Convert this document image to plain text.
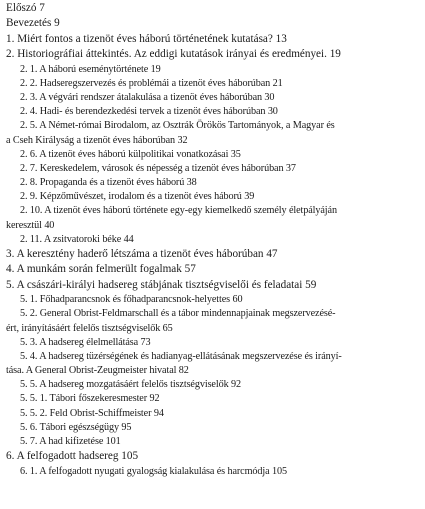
Előszó 7
Bevezetés 9
1. Miért fontos a tizenöt éves háború történetének kutatása? 13
2. Historiográfiai áttekintés. Az eddigi kutatások irányai és eredményei. 19
2. 1. A háború eseménytörténete 19
2. 2. Hadseregszervezés és problémái a tizenöt éves háborúban 21
2. 3. A végvári rendszer átalakulása a tizenöt éves háborúban 30
2. 4. Hadi- és berendezkedési tervek a tizenöt éves háborúban 30
2. 5. A Német-római Birodalom, az Osztrák Örökös Tartományok, a Magyar és
a Cseh Királyság a tizenöt éves háborúban 32
2. 6. A tizenöt éves háború külpolitikai vonatkozásai 35
2. 7. Kereskedelem, városok és népesség a tizenöt éves háborúban 37
2. 8. Propaganda és a tizenöt éves háború 38
2. 9. Képzőművészet, irodalom és a tizenöt éves háború 39
2. 10. A tizenöt éves háború története egy-egy kiemelkedő személy életpályáján
keresztül 40
2. 11. A zsitvatoroki béke 44
3. A keresztény haderő létszáma a tizenöt éves háborúban 47
4. A munkám során felmerült fogalmak 57
5. A császári-királyi hadsereg stábjának tisztségviselői és feladatai 59
5. 1. Főhadparancsnok és főhadparancsnok-helyettes 60
5. 2. General Obrist-Feldmarschall és a tábor mindennapjainak megszervezésé-
ért, irányításáért felelős tisztségviselők 65
5. 3. A hadsereg élelmellátása 73
5. 4. A hadsereg tüzérségének és hadianyag-ellátásának megszervezése és irányí-
tása. A General Obrist-Zeugmeister hivatal 82
5. 5. A hadsereg mozgatásáért felelős tisztségviselők 92
5. 5. 1. Tábori főszekeresmester 92
5. 5. 2. Feld Obrist-Schiffmeister 94
5. 6. Tábori egészségügy 95
5. 7. A had kifizetése 101
6. A felfogadott hadsereg 105
6. 1. A felfogadott nyugati gyalogság kialakulása és harcmódja 105
